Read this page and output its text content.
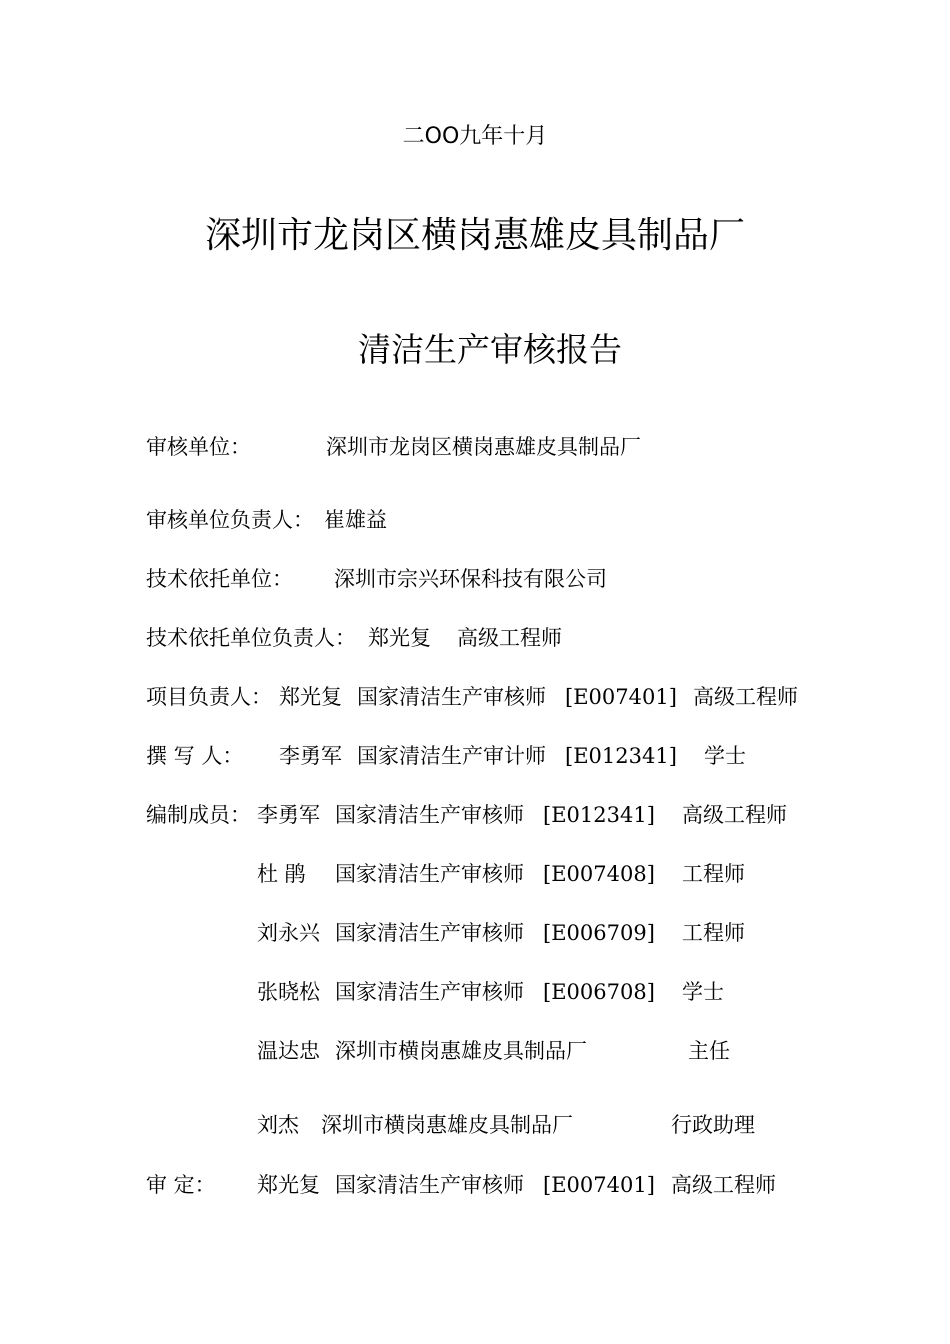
二OO九年十月
深圳市龙岗区横岗惠雄皮具制品厂
清洁生产审核报告
审核单位：	深圳市龙岗区横岗惠雄皮具制品厂
审核单位负责人： 崔雄益
技术依托单位： 深圳市宗兴环保科技有限公司
技术依托单位负责人： 郑光复 高级工程师
项目负责人： 郑光复 国家清洁生产审核师 [E007401] 高级工程师
撰 写 人： 李勇军 国家清洁生产审计师 [E012341] 学士
编制成员： 李勇军 国家清洁生产审核师 [E012341] 高级工程师
杜 鹃 国家清洁生产审核师 [E007408] 工程师
刘永兴 国家清洁生产审核师 [E006709] 工程师
张晓松 国家清洁生产审核师 [E006708] 学士
温达忠 深圳市横岗惠雄皮具制品厂	主任
刘杰 深圳市横岗惠雄皮具制品厂	行政助理
审 定： 郑光复 国家清洁生产审核师 [E007401] 高级工程师
